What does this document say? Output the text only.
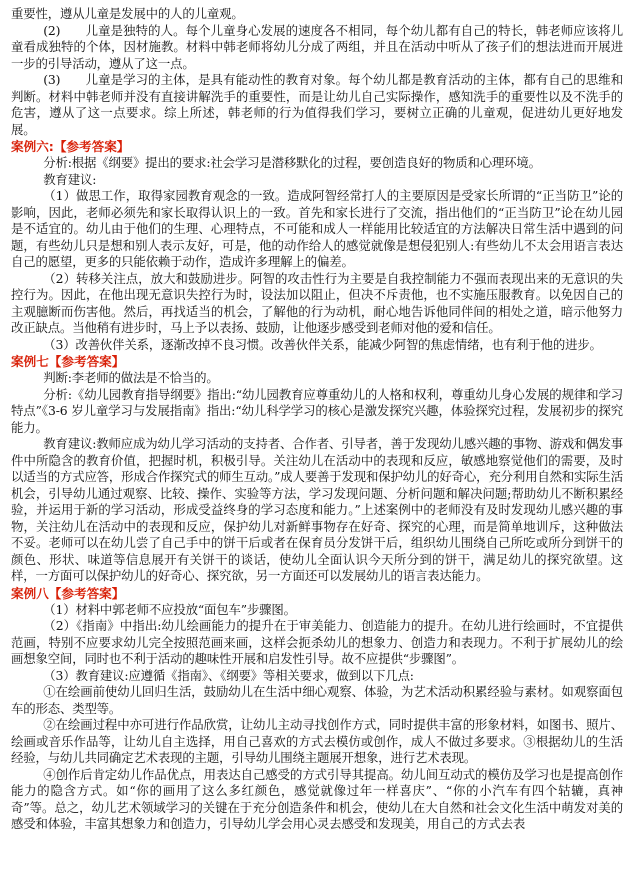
重要性，遵从儿童是发展中的人的儿童观。

(2)　　儿童是独特的人。每个儿童身心发展的速度各不相同，每个幼儿都有自己的特长，韩老师应该将儿童看成独特的个体，因材施教。材料中韩老师将幼儿分成了两组，并且在活动中听从了孩子们的想法进而开展进一步的引导活动，遵从了这一点。

(3)　　儿童是学习的主体，是具有能动性的教育对象。每个幼儿都是教育活动的主体，都有自己的思维和判断。材料中韩老师并没有直接讲解洗手的重要性，而是让幼儿自己实际操作，感知洗手的重要性以及不洗手的危害，遵从了这一点要求。综上所述，韩老师的行为值得我们学习，要树立正确的儿童观，促进幼儿更好地发展。

案例六:【参考答案】

分析:根据《纲要》提出的要求:社会学习是潜移默化的过程，要创造良好的物质和心理环境。

教育建议:

（1）做思工作，取得家园教育观念的一致。造成阿智经常打人的主要原因是受家长所谓的“正当防卫”论的影响，因此，老师必须先和家长取得认识上的一致。首先和家长进行了交流，指出他们的“正当防卫”论在幼儿园是不适宜的。幼儿由于他们的生理、心理特点，不可能和成人一样能用比较适宜的方法解决日常生活中遇到的问题，有些幼儿只是想和别人表示友好，可是，他的动作给人的感觉就像是想侵犯别人:有些幼儿不太会用语言表达自己的愿望，更多的只能依赖于动作，造成许多理解上的偏差。

（2）转移关注点，放大和鼓励进步。阿智的攻击性行为主要是自我控制能力不强而表现出来的无意识的失控行为。因此，在他出现无意识失控行为时，设法加以阻止，但决不斥责他，也不实施压服教育。以免因自己的主观臆断而伤害他。然后，再找适当的机会，了解他的行为动机，耐心地告诉他同伴间的相处之道，暗示他努力改正缺点。当他稍有进步时，马上予以表扬、鼓励，让他逐步感受到老师对他的爱和信任。

（3）改善伙伴关系，逐渐改掉不良习惯。改善伙伴关系，能减少阿智的焦虑情绪，也有利于他的进步。

案例七【参考答案】

判断:李老师的做法是不恰当的。

分析:《幼儿园教育指导纲要》指出:“幼儿园教育应尊重幼儿的人格和权利，尊重幼儿身心发展的规律和学习特点”《3-6 岁儿童学习与发展指南》指出:“幼儿科学学习的核心是激发探究兴趣，体验探究过程，发展初步的探究能力。

教育建议:教师应成为幼儿学习活动的支持者、合作者、引导者，善于发现幼儿感兴趣的事物、游戏和偶发事件中所隐含的教育价值，把握时机，积极引导。关注幼儿在活动中的表现和反应，敏感地察觉他们的需要，及时以适当的方式应答，形成合作探究式的师生互动。”成人要善于发现和保护幼儿的好奇心，充分利用自然和实际生活机会，引导幼儿通过观察、比较、操作、实验等方法，学习发现问题、分析问题和解决问题;帮助幼儿不断积累经验，并运用于新的学习活动，形成受益终身的学习态度和能力。”上述案例中的老师没有及时发现幼儿感兴趣的事物，关注幼儿在活动中的表现和反应，保护幼儿对新鲜事物存在好奇、探究的心理，而是简单地训斥，这种做法不妥。老师可以在幼儿尝了自己手中的饼干后或者在保育员分发饼干后，组织幼儿围绕自己所吃或所分到饼干的颜色、形状、味道等信息展开有关饼干的谈话，使幼儿全面认识今天所分到的饼干，满足幼儿的探究欲望。这样，一方面可以保护幼儿的好奇心、探究欲，另一方面还可以发展幼儿的语言表达能力。

案例八【参考答案】

（1）材料中郭老师不应投放“面包车”步骤图。

（2）《指南》中指出:幼儿绘画能力的提升在于审美能力、创造能力的提升。在幼儿进行绘画时，不宜提供范画，特别不应要求幼儿完全按照范画来画，这样会扼杀幼儿的想象力、创造力和表现力。不利于扩展幼儿的绘画想象空间，同时也不利于活动的趣味性开展和启发性引导。故不应提供“步骤图”。

（3）教育建议:应遵循《指南》、《纲要》等相关要求，做到以下几点:

①在绘画前使幼儿回归生活，鼓励幼儿在生活中细心观察、体验，为艺术活动积累经验与素材。如观察面包车的形态、类型等。

②在绘画过程中亦可进行作品欣赏，让幼儿主动寻找创作方式，同时提供丰富的形象材料，如图书、照片、绘画或音乐作品等，让幼儿自主选择，用自己喜欢的方式去模仿或创作，成人不做过多要求。③根据幼儿的生活经验，与幼儿共同确定艺术表现的主题，引导幼儿围绕主题展开想象，进行艺术表现。

④创作后肯定幼儿作品优点，用表达自己感受的方式引导其提高。幼儿间互动式的模仿及学习也是提高创作能力的隐含方式。如“你的画用了这么多红颜色，感觉就像过年一样喜庆”、“你的小汽车有四个轱辘，真神奇”等。总之，幼儿艺术领域学习的关键在于充分创造条件和机会，使幼儿在大自然和社会文化生活中萌发对美的感受和体验，丰富其想象力和创造力，引导幼儿学会用心灵去感受和发现美，用自己的方式去表
